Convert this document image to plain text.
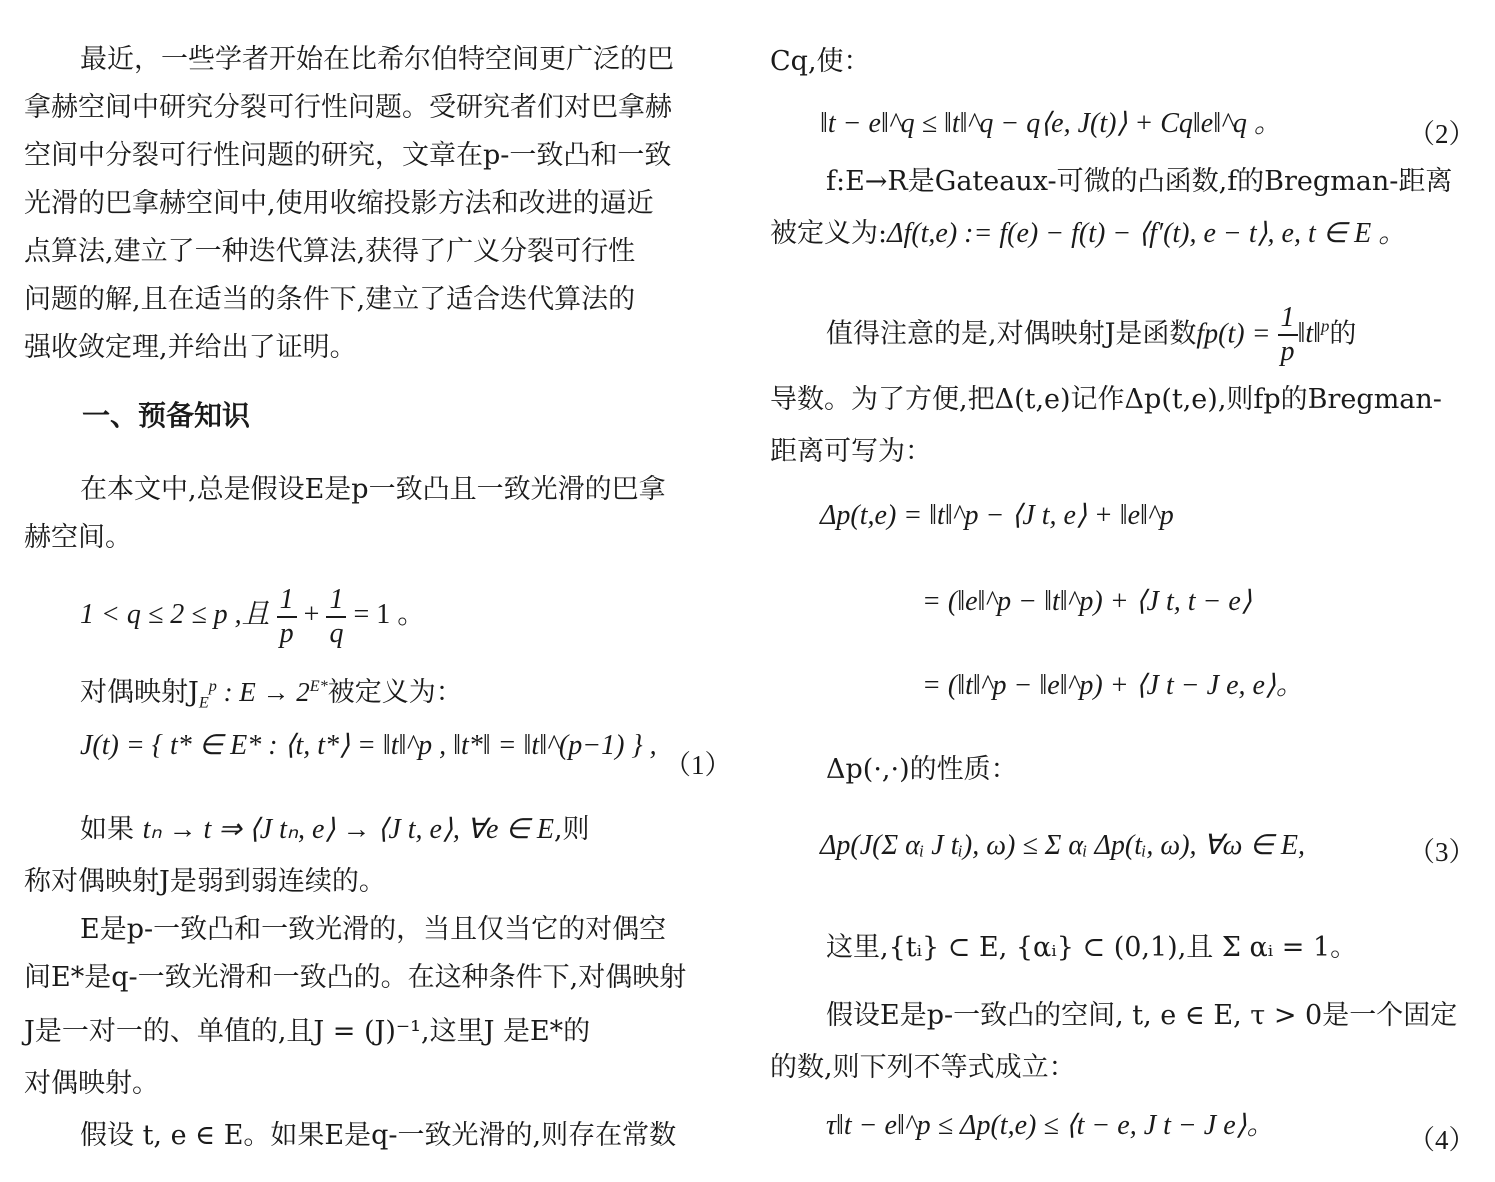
最近，一些学者开始在比希尔伯特空间更广泛的巴
拿赫空间中研究分裂可行性问题。受研究者们对巴拿赫
空间中分裂可行性问题的研究，文章在p-一致凸和一致
光滑的巴拿赫空间中,使用收缩投影方法和改进的逼近
点算法,建立了一种迭代算法,获得了广义分裂可行性
问题的解,且在适当的条件下,建立了适合迭代算法的
强收敛定理,并给出了证明。
一、预备知识
在本文中,总是假设E是p一致凸且一致光滑的巴拿
赫空间。
1 < q ≤ 2 ≤ p ,且 $\frac{1}{p} + \frac{1}{q} = 1$ 。
对偶映射$J_E^p$ : $E \to 2^{E*}$被定义为：
J(t) = { t* ∈ E* : ⟨t, t*⟩ = ‖t‖^p , ‖t*‖ = ‖t‖^(p−1) } ,
（1）
如果 tₙ → t ⇒ ⟨J tₙ, e⟩ → ⟨J t, e⟩, ∀e ∈ E,则
称对偶映射J是弱到弱连续的。
E是p-一致凸和一致光滑的，当且仅当它的对偶空
间E*是q-一致光滑和一致凸的。在这种条件下,对偶映射
J是一对一的、单值的,且J = (J)⁻¹,这里J 是E*的
对偶映射。
假设 t, e ∈ E。如果E是q-一致光滑的,则存在常数
Cq,使：
‖t − e‖^q ≤ ‖t‖^q − q⟨e, J(t)⟩ + Cq‖e‖^q 。	（2）
f:E→R是Gateaux-可微的凸函数,f的Bregman-距离
被定义为:Δf(t,e) := f(e) − f(t) − ⟨f′(t), e − t⟩, e, t ∈ E 。
值得注意的是,对偶映射J是函数$fp(t) = \frac{1}{p}$ ‖t‖$^p$的
导数。为了方便,把Δ(t,e)记作Δp(t,e),则fp的Bregman-
距离可写为：
Δp(t,e) = ‖t‖^p − ⟨J t, e⟩ + ‖e‖^p
= (‖e‖^p − ‖t‖^p) + ⟨J t, t − e⟩
= (‖t‖^p − ‖e‖^p) + ⟨J t − J e, e⟩。
Δp(·,·)的性质：
Δp(J(Σ αᵢ J tᵢ), ω) ≤ Σ αᵢ Δp(tᵢ, ω), ∀ω ∈ E,	（3）
这里,{tᵢ} ⊂ E, {αᵢ} ⊂ (0,1),且 Σ αᵢ = 1。
假设E是p-一致凸的空间, t, e ∈ E, τ > 0是一个固定
的数,则下列不等式成立：
τ‖t − e‖^p ≤ Δp(t,e) ≤ ⟨t − e, J t − J e⟩。	（4）
